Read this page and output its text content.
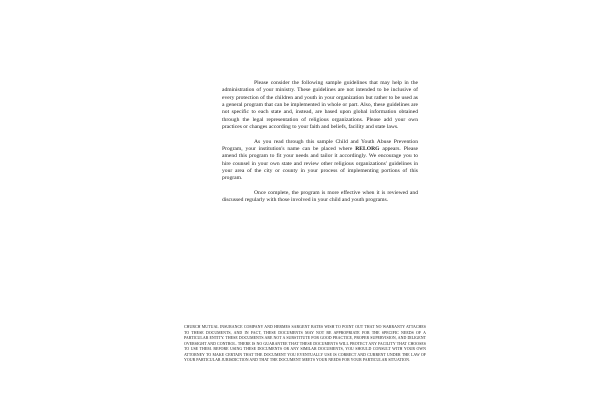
Please consider the following sample guidelines that may help in the administration of your ministry. These guidelines are not intended to be inclusive of every protection of the children and youth in your organization but rather to be used as a general program that can be implemented in whole or part. Also, these guidelines are not specific to each state and, instead, are based upon global information obtained through the legal representation of religious organizations. Please add your own practices or changes according to your faith and beliefs, facility and state laws.

As you read through this sample Child and Youth Abuse Prevention Program, your institution's name can be placed where RELORG appears. Please amend this program to fit your needs and tailor it accordingly. We encourage you to hire counsel in your own state and review other religious organizations' guidelines in your area of the city or county in your process of implementing portions of this program.

Once complete, the program is more effective when it is reviewed and discussed regularly with those involved in your child and youth programs.

CHURCH MUTUAL INSURANCE COMPANY AND HERMES SARGENT BATES WISH TO POINT OUT THAT NO WARRANTY ATTACHES TO THESE DOCUMENTS, AND IN FACT, THESE DOCUMENTS MAY NOT BE APPROPRIATE FOR THE SPECIFIC NEEDS OF A PARTICULAR ENTITY. THESE DOCUMENTS ARE NOT A SUBSTITUTE FOR GOOD PRACTICE, PROPER SUPERVISION, AND DILIGENT OVERSIGHT AND CONTROL. THERE IS NO GUARANTEE THAT THESE DOCUMENTS WILL PROTECT ANY FACILITY THAT CHOOSES TO USE THEM. BEFORE USING THESE DOCUMENTS OR ANY SIMILAR DOCUMENTS, YOU SHOULD CONSULT WITH YOUR OWN ATTORNEY TO MAKE CERTAIN THAT THE DOCUMENT YOU EVENTUALLY USE IS CORRECT AND CURRENT UNDER THE LAW OF YOUR PARTICULAR JURISDICTION AND THAT THE DOCUMENT MEETS YOUR NEEDS FOR YOUR PARTICULAR SITUATION.
